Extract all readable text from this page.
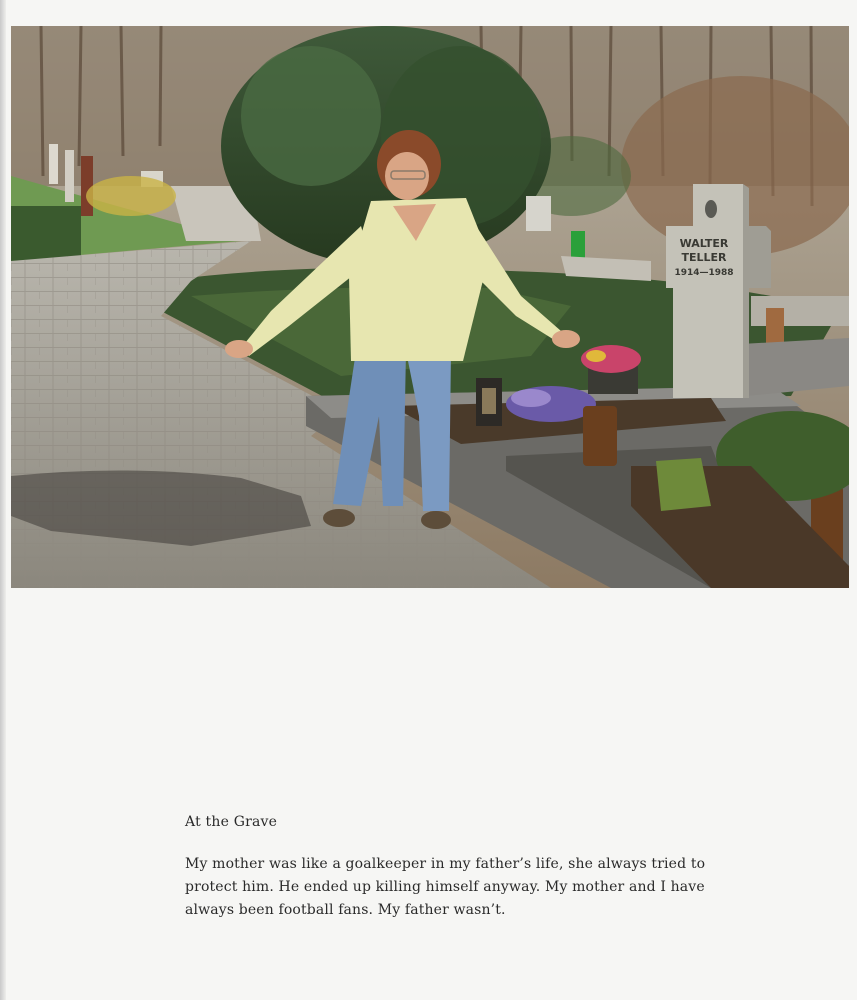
WALTER
TELLER
1914—1988
At the Grave

My mother was like a goalkeeper in my father’s life, she always tried to
protect him. He ended up killing himself anyway. My mother and I have
always been football fans. My father wasn’t.
